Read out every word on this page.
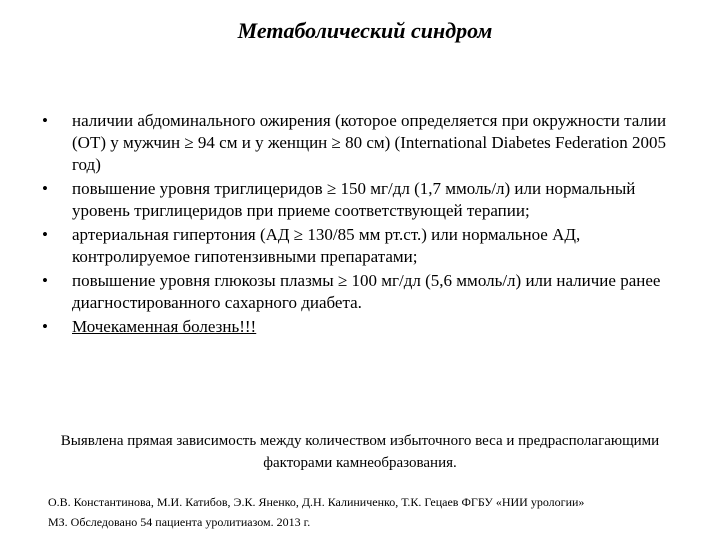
Метаболический синдром
•	наличии абдоминального ожирения (которое определяется при окружности талии (ОТ) у мужчин ≥ 94 см и у женщин ≥ 80 см) (International Diabetes Federation 2005 год)
•	повышение уровня триглицеридов ≥ 150 мг/дл (1,7 ммоль/л) или нормальный уровень триглицеридов при приеме соответствующей терапии;
•	артериальная гипертония (АД ≥ 130/85 мм рт.ст.) или нормальное АД, контролируемое гипотензивными препаратами;
•	повышение уровня глюкозы плазмы ≥ 100 мг/дл (5,6 ммоль/л) или наличие ранее диагностированного сахарного диабета.
•	Мочекаменная болезнь!!!
Выявлена прямая зависимость между количеством избыточного веса и предрасполагающими факторами камнеобразования.
О.В. Константинова, М.И. Катибов, Э.К. Яненко, Д.Н. Калиниченко, Т.К. Гецаев ФГБУ «НИИ урологии»
МЗ. Обследовано 54 пациента уролитиазом. 2013 г.
